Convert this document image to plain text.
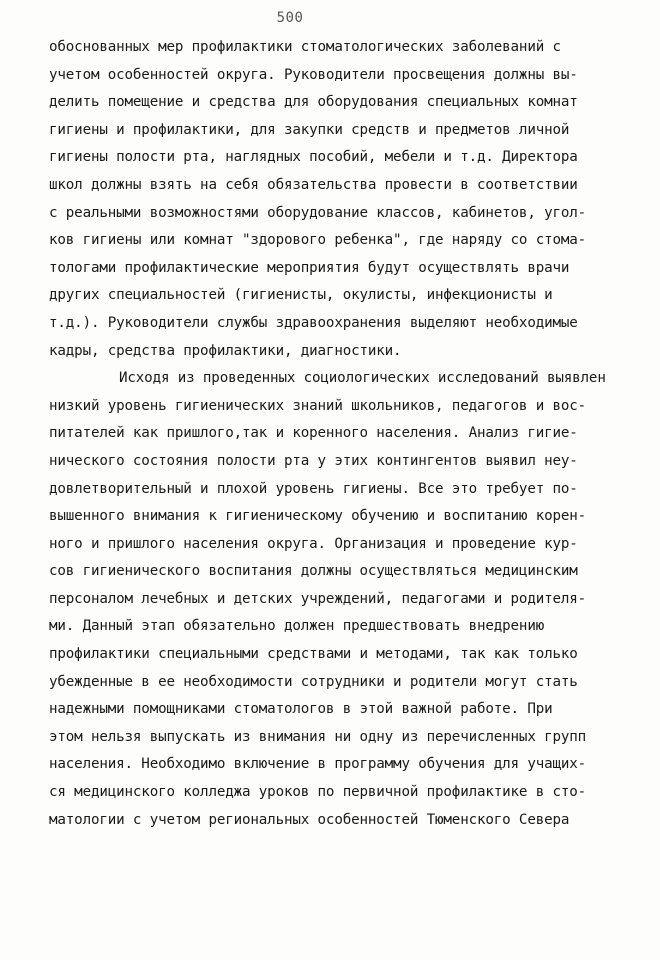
500
обоснованных мер профилактики стоматологических заболеваний с
учетом особенностей округа. Руководители просвещения должны вы-
делить помещение и средства для оборудования специальных комнат
гигиены и профилактики, для закупки средств и предметов личной
гигиены полости рта, наглядных пособий, мебели и т.д. Директора
школ должны взять на себя обязательства провести в соответствии
с реальными возможностями оборудование классов, кабинетов, угол-
ков гигиены или комнат "здорового ребенка", где наряду со стома-
тологами профилактические мероприятия будут осуществлять врачи
других специальностей (гигиенисты, окулисты, инфекционисты и
т.д.). Руководители службы здравоохранения выделяют необходимые
кадры, средства профилактики, диагностики.
Исходя из проведенных социологических исследований выявлен
низкий уровень гигиенических знаний школьников, педагогов и вос-
питателей как пришлого,так и коренного населения. Анализ гигие-
нического состояния полости рта у этих контингентов выявил неу-
довлетворительный и плохой уровень гигиены. Все это требует по-
вышенного внимания к гигиеническому обучению и воспитанию корен-
ного и пришлого населения округа. Организация и проведение кур-
сов гигиенического воспитания должны осуществляться медицинским
персоналом лечебных и детских учреждений, педагогами и родителя-
ми. Данный этап обязательно должен предшествовать внедрению
профилактики специальными средствами и методами, так как только
убежденные в ее необходимости сотрудники и родители могут стать
надежными помощниками стоматологов в этой важной работе. При
этом нельзя выпускать из внимания ни одну из перечисленных групп
населения. Необходимо включение в программу обучения для учащих-
ся медицинского колледжа уроков по первичной профилактике в сто-
матологии с учетом региональных особенностей Тюменского Севера
